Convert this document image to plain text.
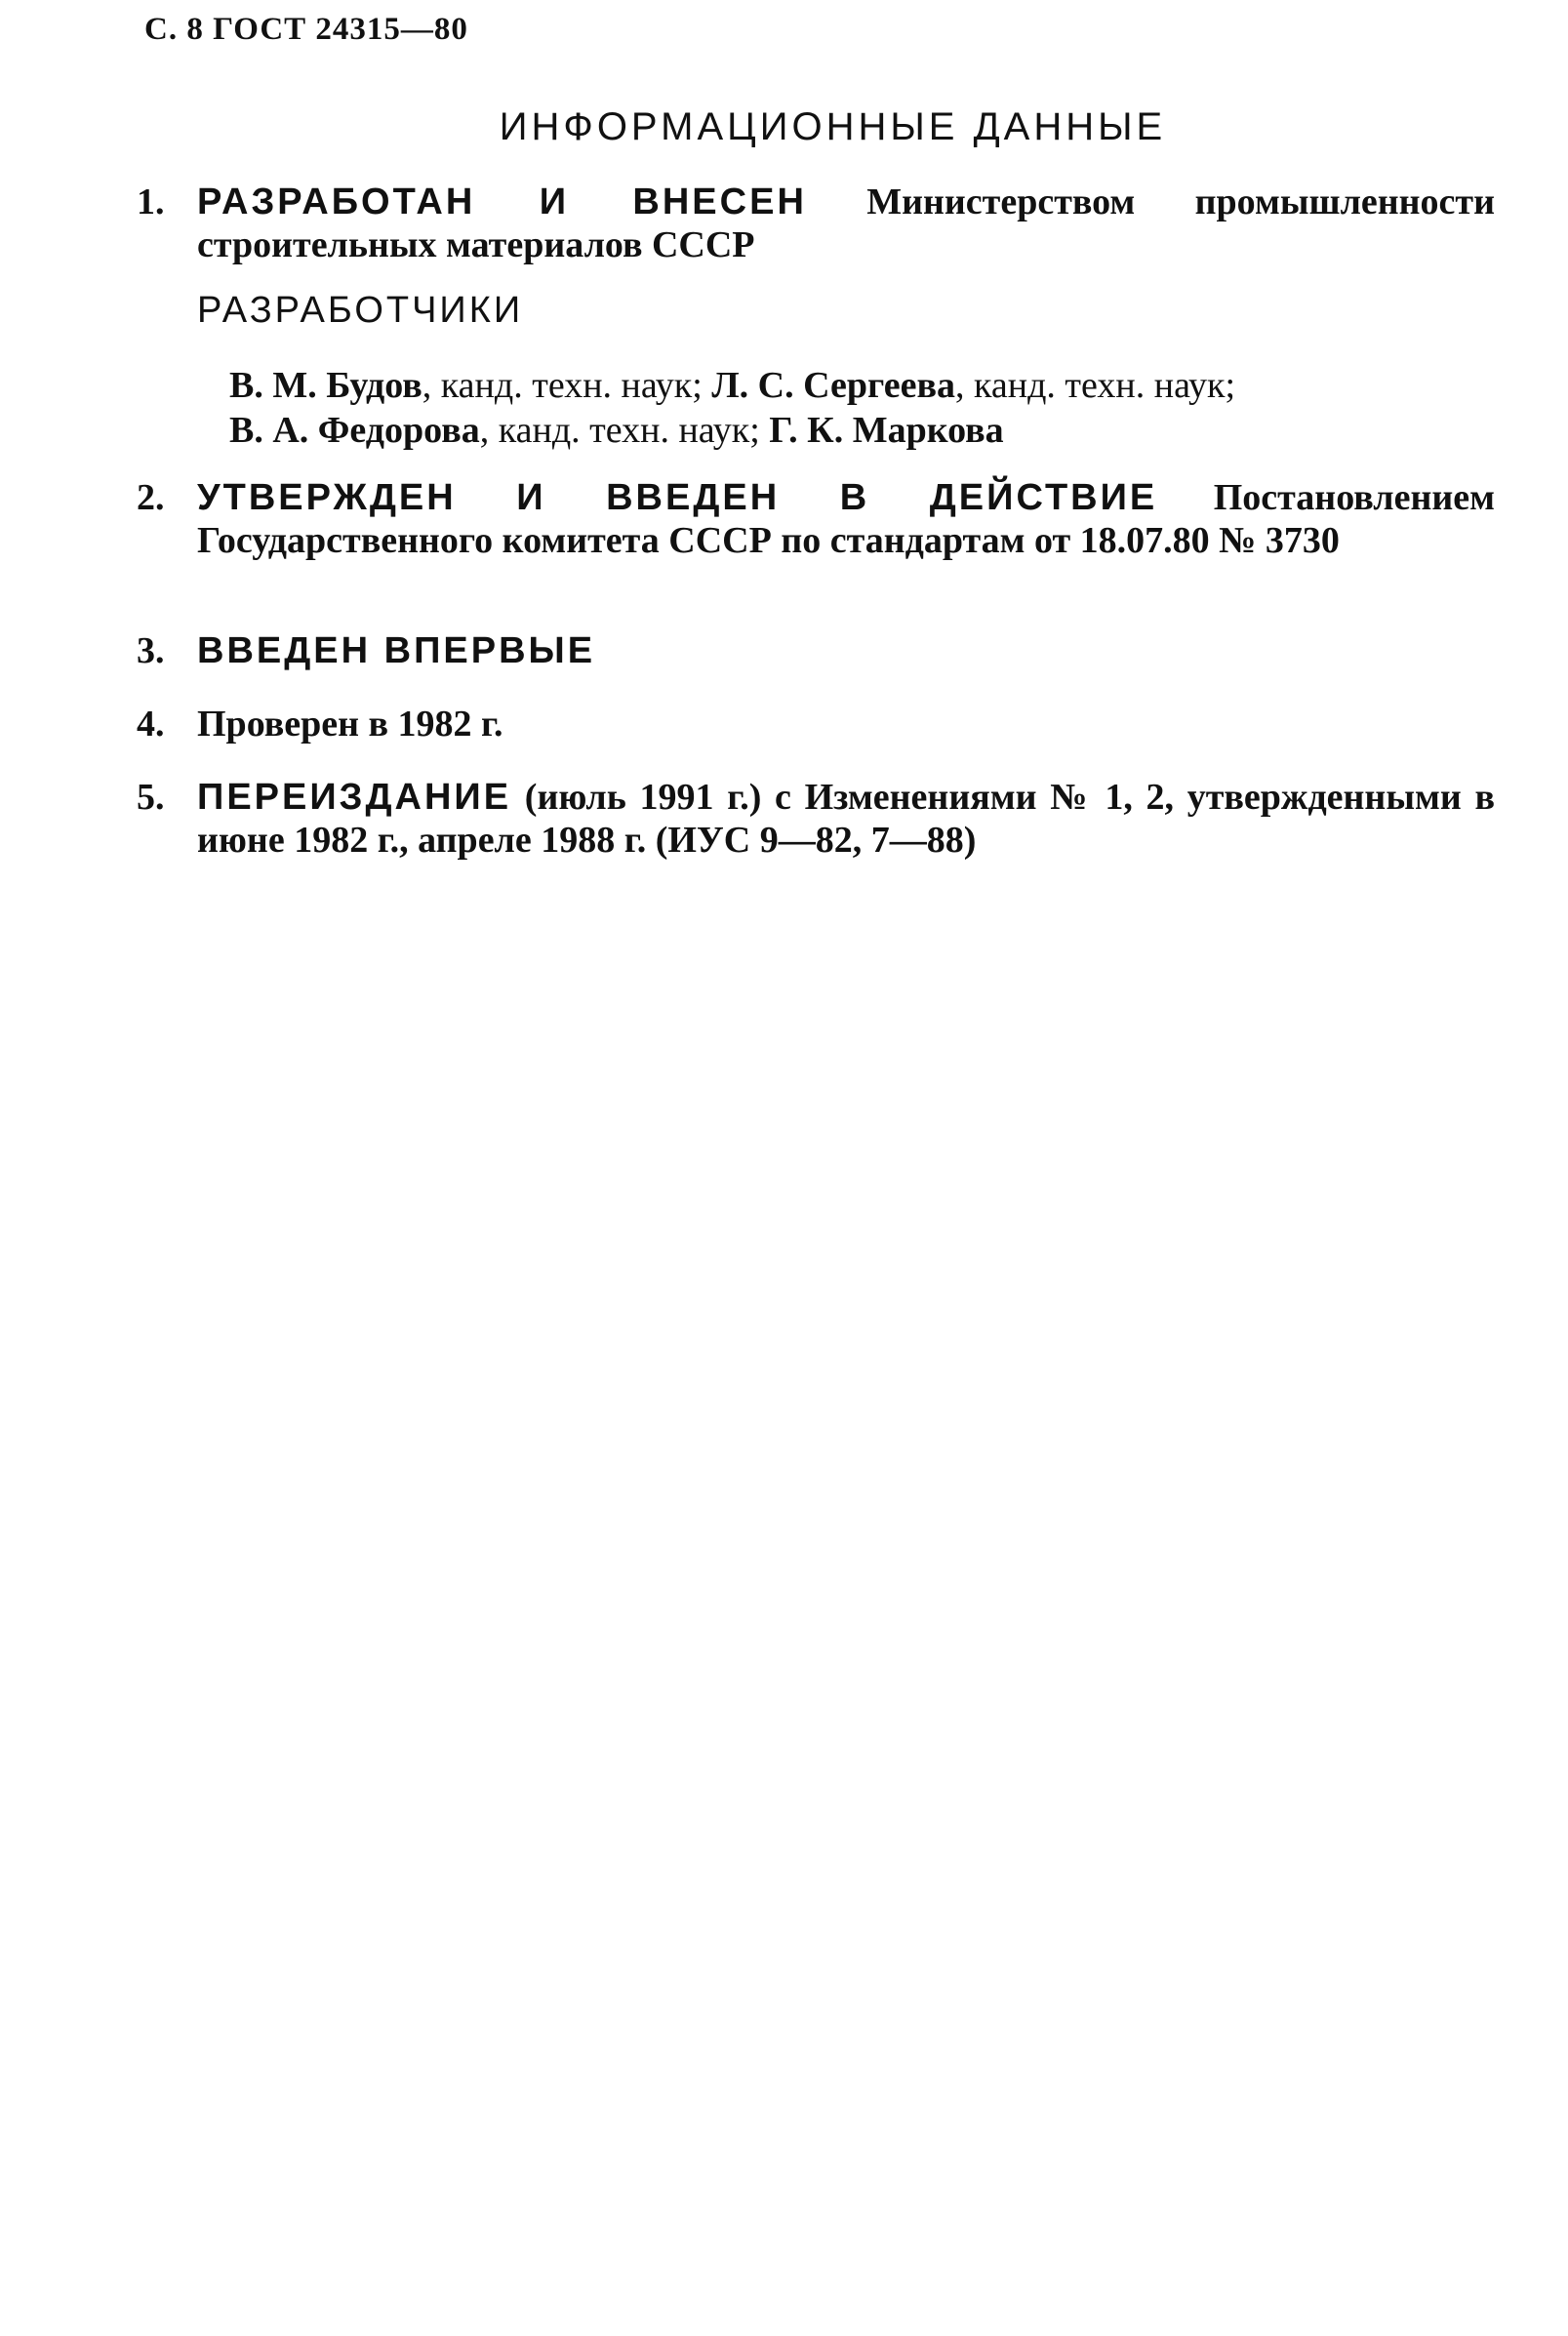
С. 8 ГОСТ 24315—80
ИНФОРМАЦИОННЫЕ ДАННЫЕ
1. РАЗРАБОТАН И ВНЕСЕН Министерством промышленности строительных материалов СССР
РАЗРАБОТЧИКИ
В. М. Будов, канд. техн. наук; Л. С. Сергеева, канд. техн. наук;
В. А. Федорова, канд. техн. наук; Г. К. Маркова
2. УТВЕРЖДЕН И ВВЕДЕН В ДЕЙСТВИЕ Постановлением Государственного комитета СССР по стандартам от 18.07.80 № 3730
3. ВВЕДЕН ВПЕРВЫЕ
4. Проверен в 1982 г.
5. ПЕРЕИЗДАНИЕ (июль 1991 г.) с Изменениями № 1, 2, утвержденными в июне 1982 г., апреле 1988 г. (ИУС 9—82, 7—88)
